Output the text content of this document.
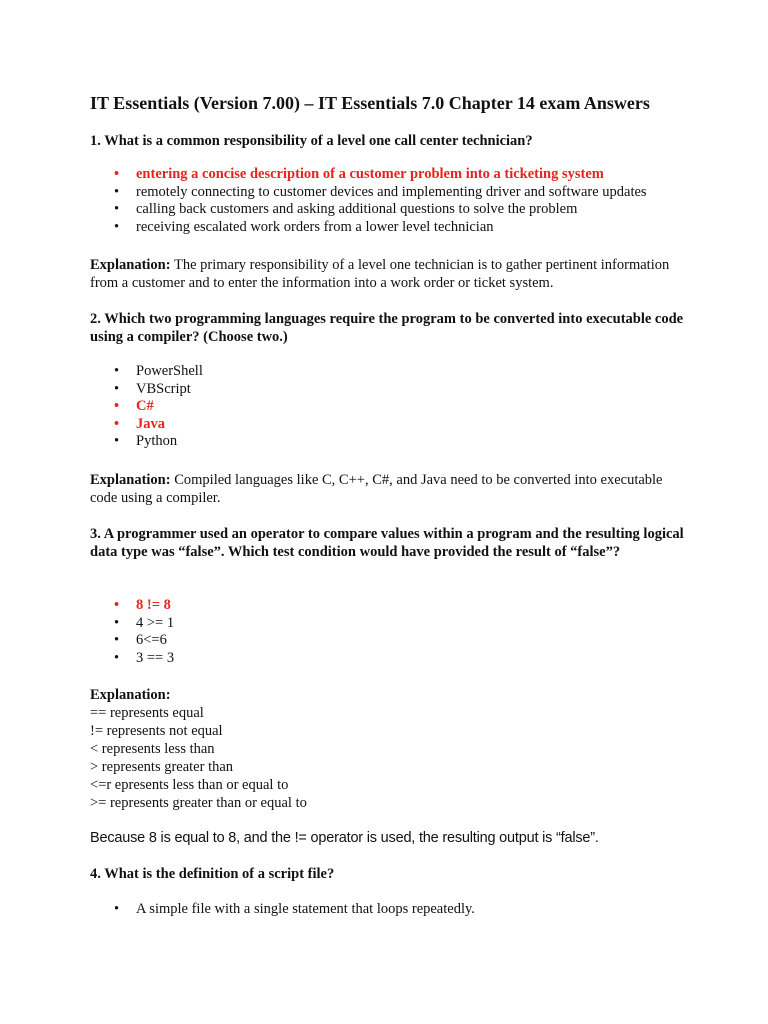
IT Essentials (Version 7.00) – IT Essentials 7.0 Chapter 14 exam Answers

1. What is a common responsibility of a level one call center technician?

• entering a concise description of a customer problem into a ticketing system
• remotely connecting to customer devices and implementing driver and software updates
• calling back customers and asking additional questions to solve the problem
• receiving escalated work orders from a lower level technician

Explanation: The primary responsibility of a level one technician is to gather pertinent information from a customer and to enter the information into a work order or ticket system.

2. Which two programming languages require the program to be converted into executable code using a compiler? (Choose two.)

• PowerShell
• VBScript
• C#
• Java
• Python

Explanation: Compiled languages like C, C++, C#, and Java need to be converted into executable code using a compiler.

3. A programmer used an operator to compare values within a program and the resulting logical data type was “false”. Which test condition would have provided the result of “false”?

• 8 != 8
• 4 >= 1
• 6<=6
• 3 == 3
Explanation:
== represents equal
!= represents not equal
< represents less than
> represents greater than
<=r epresents less than or equal to
>= represents greater than or equal to

Because 8 is equal to 8, and the != operator is used, the resulting output is “false”.

4. What is the definition of a script file?

• A simple file with a single statement that loops repeatedly.
